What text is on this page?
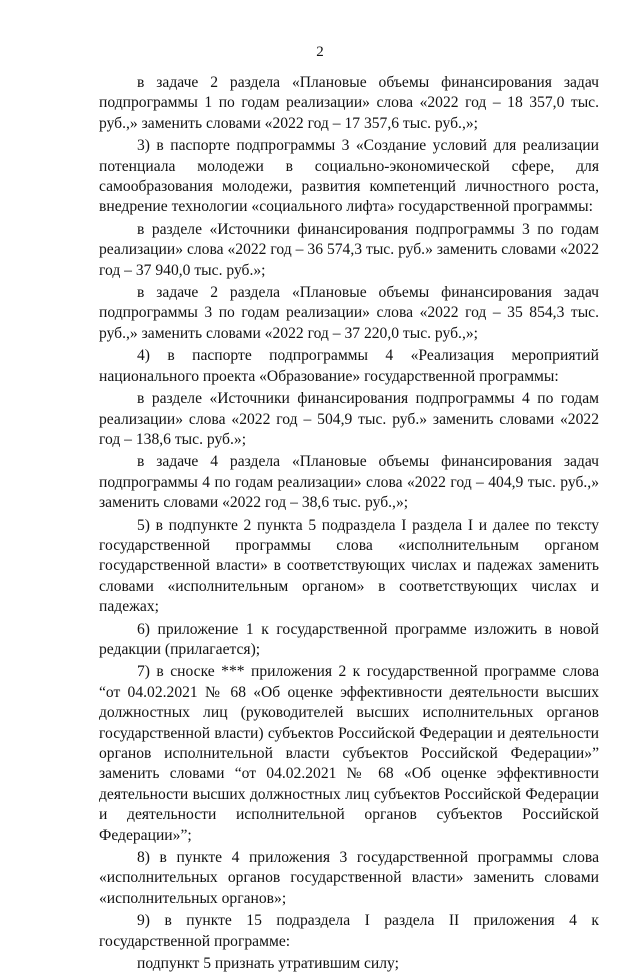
2

в задаче 2 раздела «Плановые объемы финансирования задач подпрограммы 1 по годам реализации» слова «2022 год – 18 357,0 тыс. руб.,» заменить словами «2022 год – 17 357,6 тыс. руб.,»;

3) в паспорте подпрограммы 3 «Создание условий для реализации потенциала молодежи в социально-экономической сфере, для самообразования молодежи, развития компетенций личностного роста, внедрение технологии «социального лифта» государственной программы:

в разделе «Источники финансирования подпрограммы 3 по годам реализации» слова «2022 год – 36 574,3 тыс. руб.» заменить словами «2022 год – 37 940,0 тыс. руб.»;

в задаче 2 раздела «Плановые объемы финансирования задач подпрограммы 3 по годам реализации» слова «2022 год – 35 854,3 тыс. руб.,» заменить словами «2022 год – 37 220,0 тыс. руб.,»;

4) в паспорте подпрограммы 4 «Реализация мероприятий национального проекта «Образование» государственной программы:

в разделе «Источники финансирования подпрограммы 4 по годам реализации» слова «2022 год – 504,9 тыс. руб.» заменить словами «2022 год – 138,6 тыс. руб.»;

в задаче 4 раздела «Плановые объемы финансирования задач подпрограммы 4 по годам реализации» слова «2022 год – 404,9 тыс. руб.,» заменить словами «2022 год – 38,6 тыс. руб.,»;

5) в подпункте 2 пункта 5 подраздела I раздела I и далее по тексту государственной программы слова «исполнительным органом государственной власти» в соответствующих числах и падежах заменить словами «исполнительным органом» в соответствующих числах и падежах;

6) приложение 1 к государственной программе изложить в новой редакции (прилагается);

7) в сноске *** приложения 2 к государственной программе слова “от 04.02.2021 № 68 «Об оценке эффективности деятельности высших должностных лиц (руководителей высших исполнительных органов государственной власти) субъектов Российской Федерации и деятельности органов исполнительной власти субъектов Российской Федерации»” заменить словами “от 04.02.2021 № 68 «Об оценке эффективности деятельности высших должностных лиц субъектов Российской Федерации и деятельности исполнительной органов субъектов Российской Федерации»”;

8) в пункте 4 приложения 3 государственной программы слова «исполнительных органов государственной власти» заменить словами «исполнительных органов»;

9) в пункте 15 подраздела I раздела II приложения 4 к государственной программе:

подпункт 5 признать утратившим силу;
